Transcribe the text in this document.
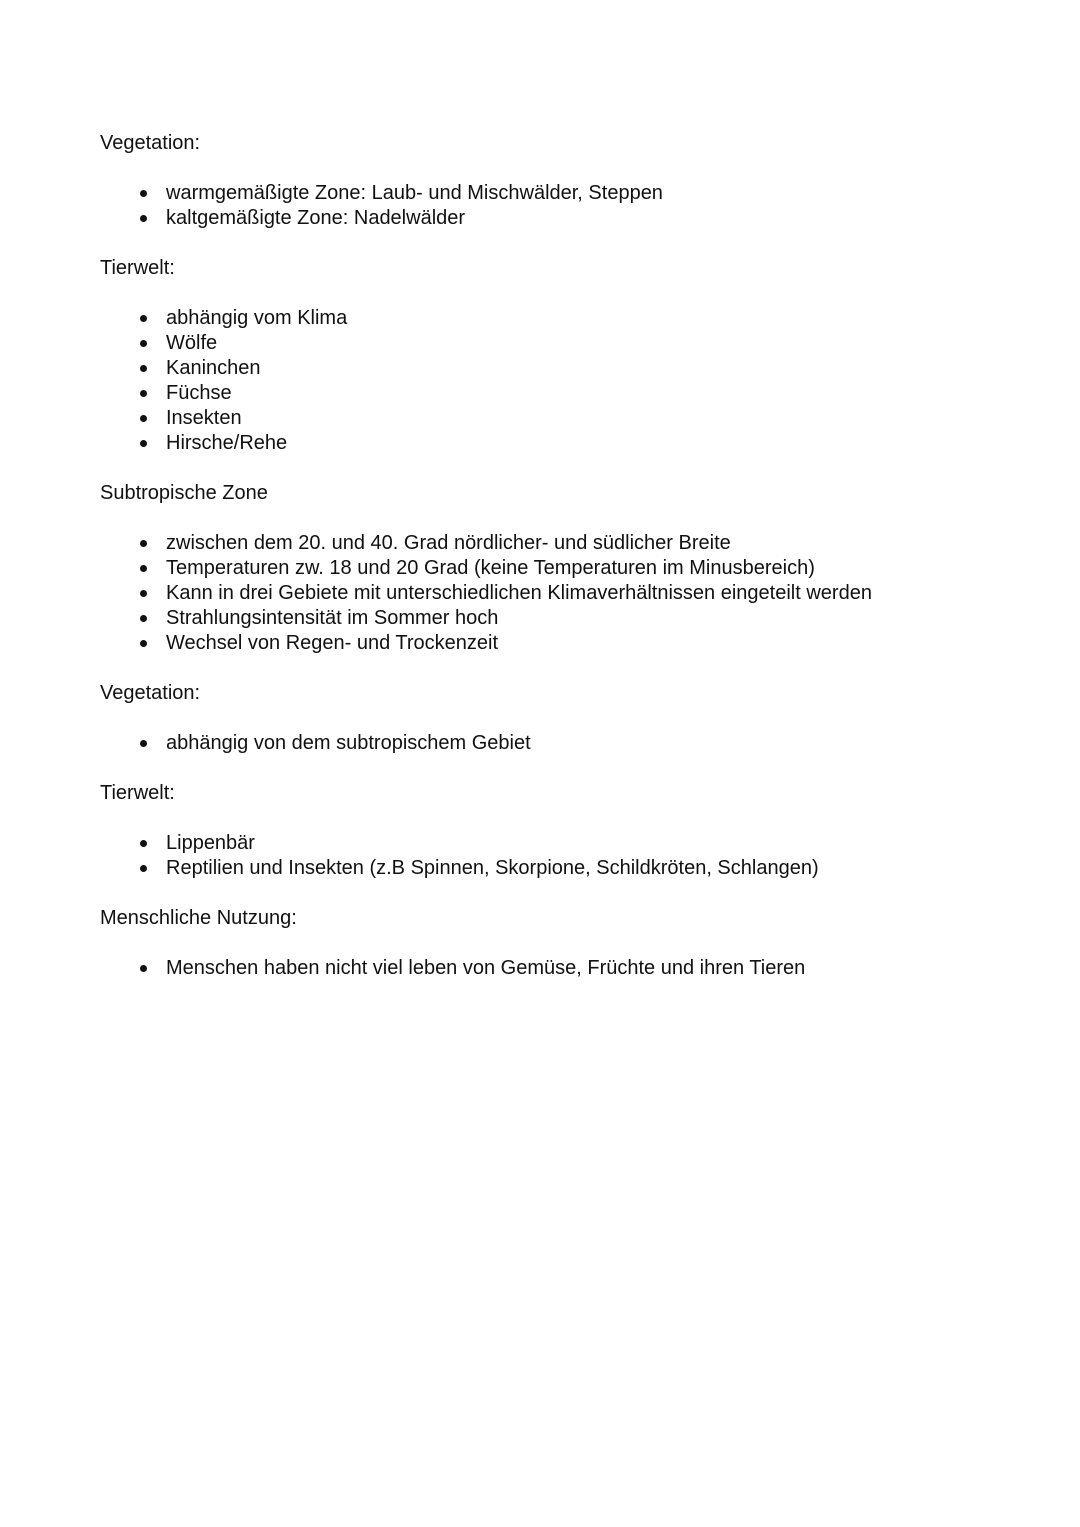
Vegetation:

warmgemäßigte Zone: Laub- und Mischwälder, Steppen
kaltgemäßigte Zone: Nadelwälder

Tierwelt:

abhängig vom Klima
Wölfe
Kaninchen
Füchse
Insekten
Hirsche/Rehe

Subtropische Zone

zwischen dem 20. und 40. Grad nördlicher- und südlicher Breite
Temperaturen zw. 18 und 20 Grad (keine Temperaturen im Minusbereich)
Kann in drei Gebiete mit unterschiedlichen Klimaverhältnissen eingeteilt werden
Strahlungsintensität im Sommer hoch
Wechsel von Regen- und Trockenzeit

Vegetation:

abhängig von dem subtropischem Gebiet

Tierwelt:

Lippenbär
Reptilien und Insekten (z.B Spinnen, Skorpione, Schildkröten, Schlangen)

Menschliche Nutzung:

Menschen haben nicht viel leben von Gemüse, Früchte und ihren Tieren
